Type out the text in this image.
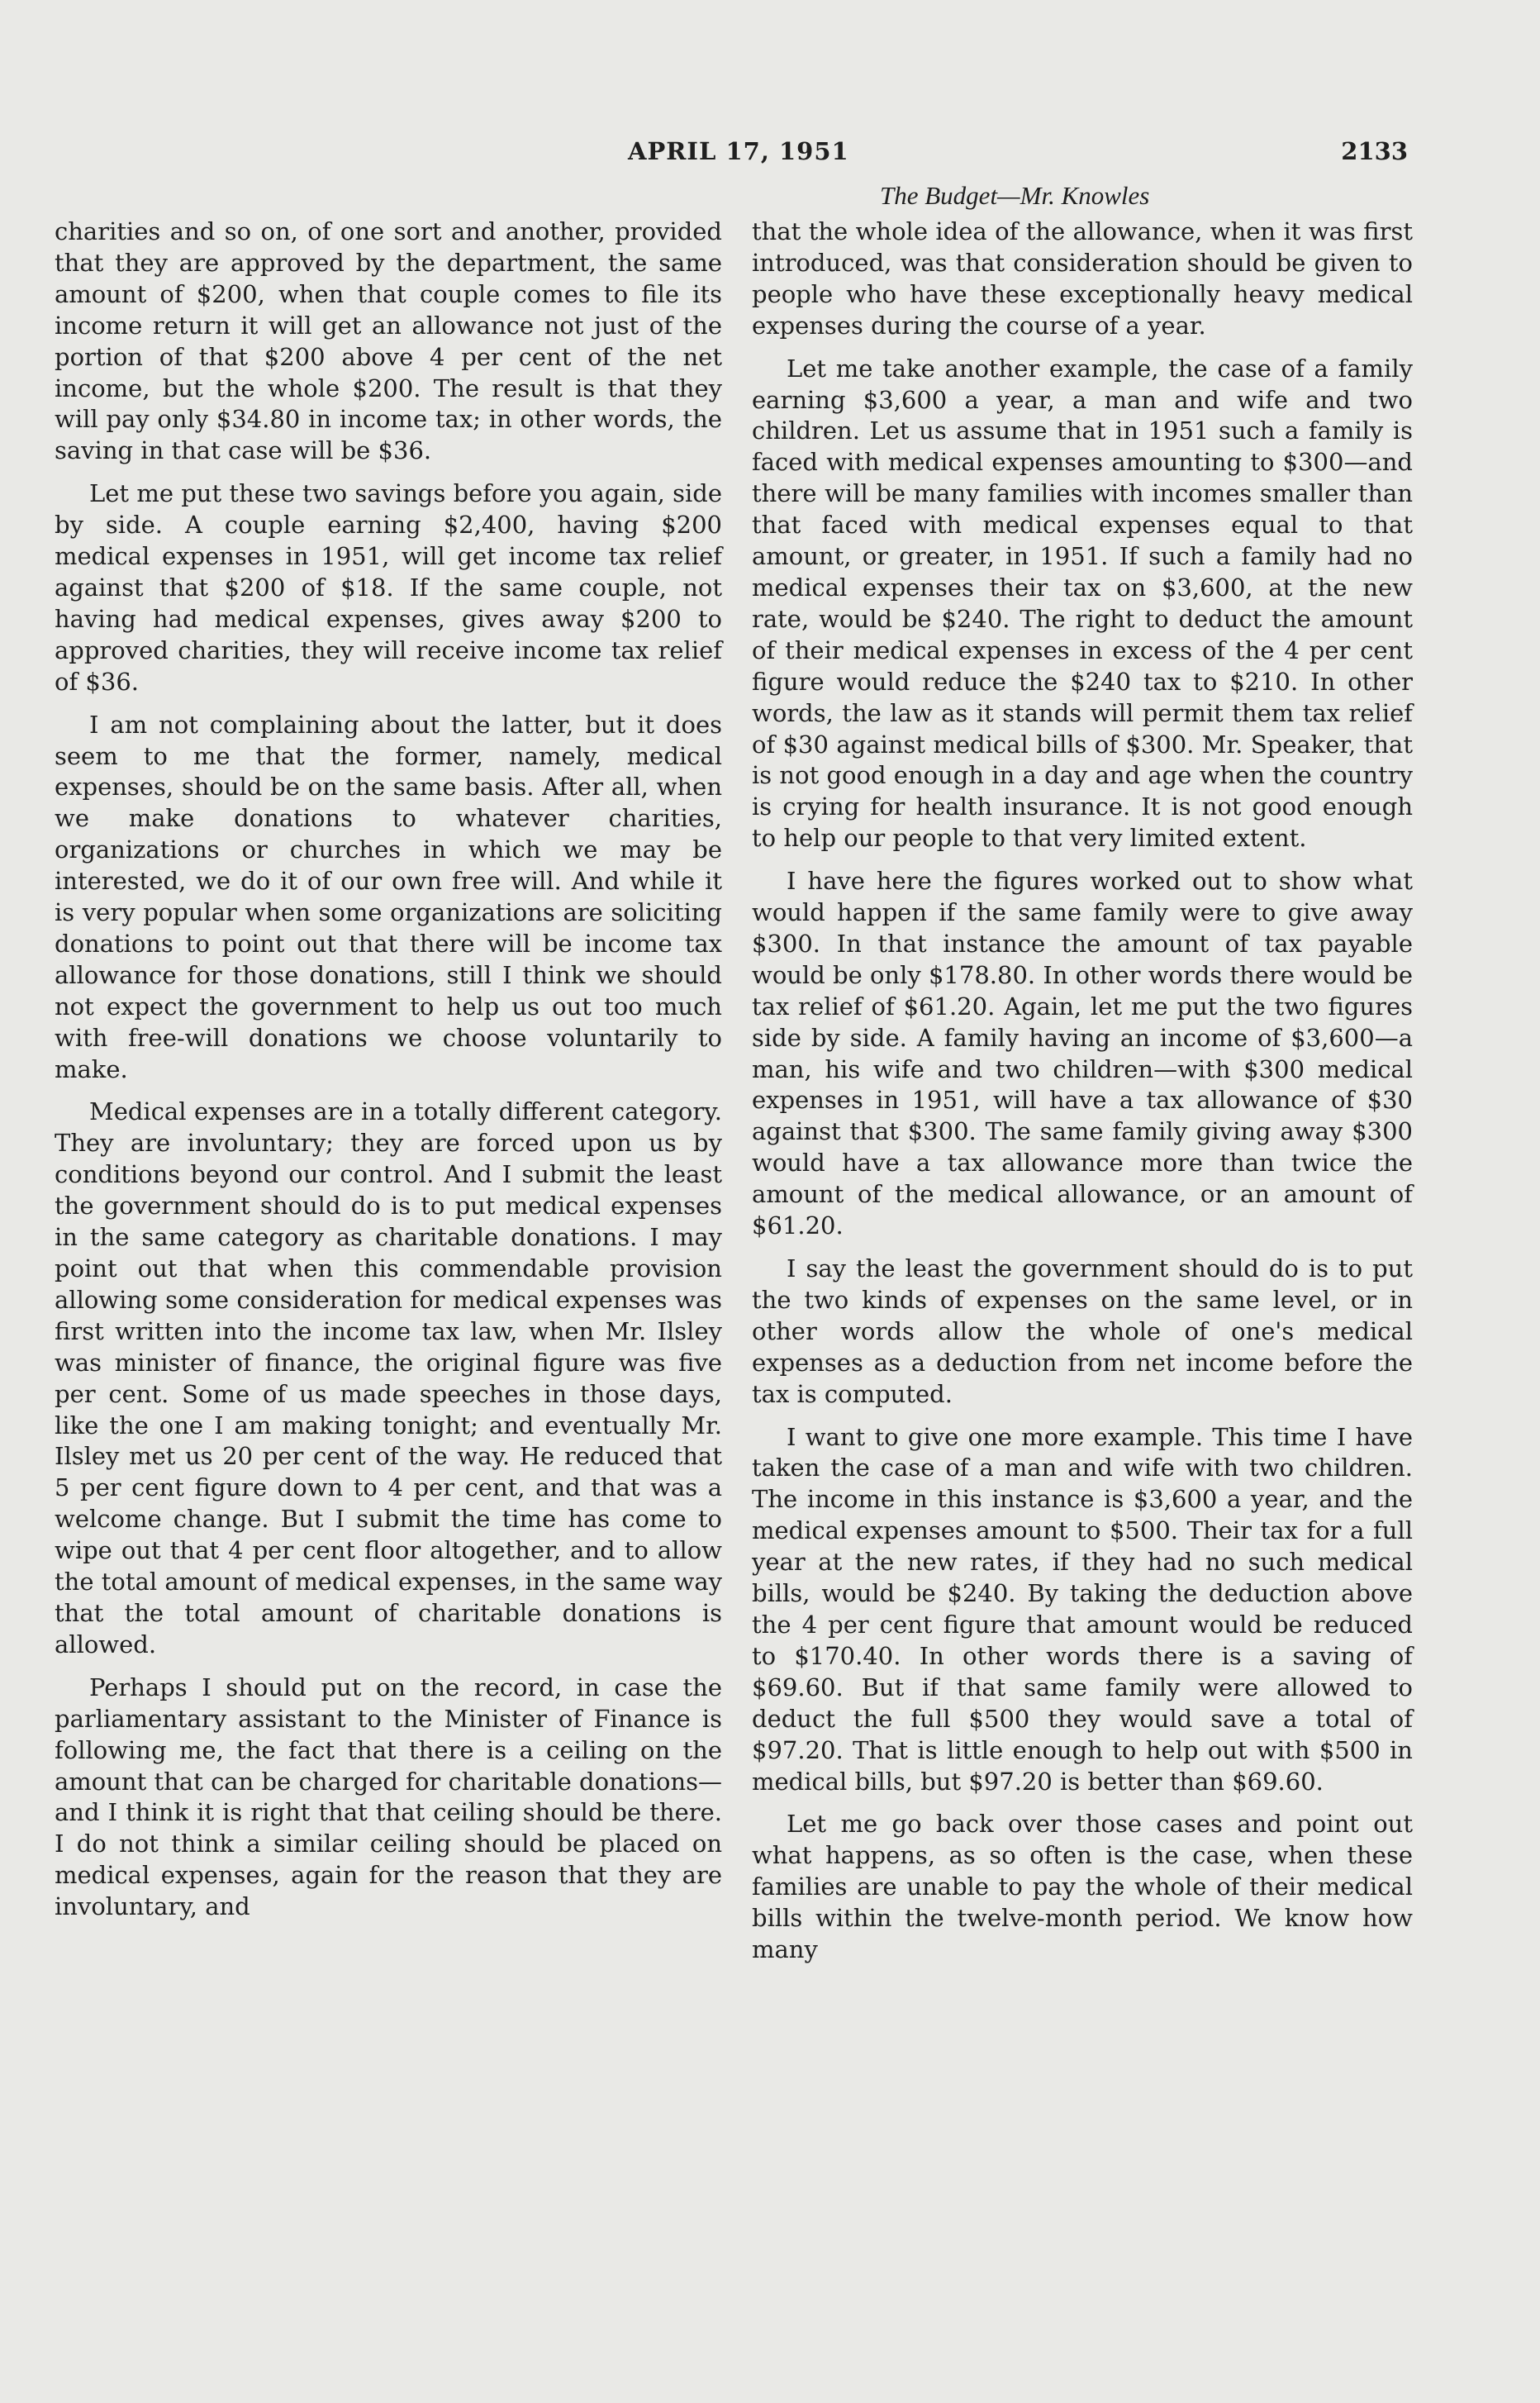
APRIL 17, 1951	2133
The Budget—Mr. Knowles

charities and so on, of one sort and another, provided that they are approved by the department, the same amount of $200, when that couple comes to file its income return it will get an allowance not just of the portion of that $200 above 4 per cent of the net income, but the whole $200. The result is that they will pay only $34.80 in income tax; in other words, the saving in that case will be $36.

Let me put these two savings before you again, side by side. A couple earning $2,400, having $200 medical expenses in 1951, will get income tax relief against that $200 of $18. If the same couple, not having had medical expenses, gives away $200 to approved charities, they will receive income tax relief of $36.

I am not complaining about the latter, but it does seem to me that the former, namely, medical expenses, should be on the same basis. After all, when we make donations to whatever charities, organizations or churches in which we may be interested, we do it of our own free will. And while it is very popular when some organizations are soliciting donations to point out that there will be income tax allowance for those donations, still I think we should not expect the government to help us out too much with free-will donations we choose voluntarily to make.

Medical expenses are in a totally different category. They are involuntary; they are forced upon us by conditions beyond our control. And I submit the least the government should do is to put medical expenses in the same category as charitable donations. I may point out that when this commendable provision allowing some consideration for medical expenses was first written into the income tax law, when Mr. Ilsley was minister of finance, the original figure was five per cent. Some of us made speeches in those days, like the one I am making tonight; and eventually Mr. Ilsley met us 20 per cent of the way. He reduced that 5 per cent figure down to 4 per cent, and that was a welcome change. But I submit the time has come to wipe out that 4 per cent floor altogether, and to allow the total amount of medical expenses, in the same way that the total amount of charitable donations is allowed.

Perhaps I should put on the record, in case the parliamentary assistant to the Minister of Finance is following me, the fact that there is a ceiling on the amount that can be charged for charitable donations—and I think it is right that that ceiling should be there. I do not think a similar ceiling should be placed on medical expenses, again for the reason that they are involuntary, and

that the whole idea of the allowance, when it was first introduced, was that consideration should be given to people who have these exceptionally heavy medical expenses during the course of a year.

Let me take another example, the case of a family earning $3,600 a year, a man and wife and two children. Let us assume that in 1951 such a family is faced with medical expenses amounting to $300—and there will be many families with incomes smaller than that faced with medical expenses equal to that amount, or greater, in 1951. If such a family had no medical expenses their tax on $3,600, at the new rate, would be $240. The right to deduct the amount of their medical expenses in excess of the 4 per cent figure would reduce the $240 tax to $210. In other words, the law as it stands will permit them tax relief of $30 against medical bills of $300. Mr. Speaker, that is not good enough in a day and age when the country is crying for health insurance. It is not good enough to help our people to that very limited extent.

I have here the figures worked out to show what would happen if the same family were to give away $300. In that instance the amount of tax payable would be only $178.80. In other words there would be tax relief of $61.20. Again, let me put the two figures side by side. A family having an income of $3,600—a man, his wife and two children—with $300 medical expenses in 1951, will have a tax allowance of $30 against that $300. The same family giving away $300 would have a tax allowance more than twice the amount of the medical allowance, or an amount of $61.20.

I say the least the government should do is to put the two kinds of expenses on the same level, or in other words allow the whole of one's medical expenses as a deduction from net income before the tax is computed.

I want to give one more example. This time I have taken the case of a man and wife with two children. The income in this instance is $3,600 a year, and the medical expenses amount to $500. Their tax for a full year at the new rates, if they had no such medical bills, would be $240. By taking the deduction above the 4 per cent figure that amount would be reduced to $170.40. In other words there is a saving of $69.60. But if that same family were allowed to deduct the full $500 they would save a total of $97.20. That is little enough to help out with $500 in medical bills, but $97.20 is better than $69.60.

Let me go back over those cases and point out what happens, as so often is the case, when these families are unable to pay the whole of their medical bills within the twelve-month period. We know how many
